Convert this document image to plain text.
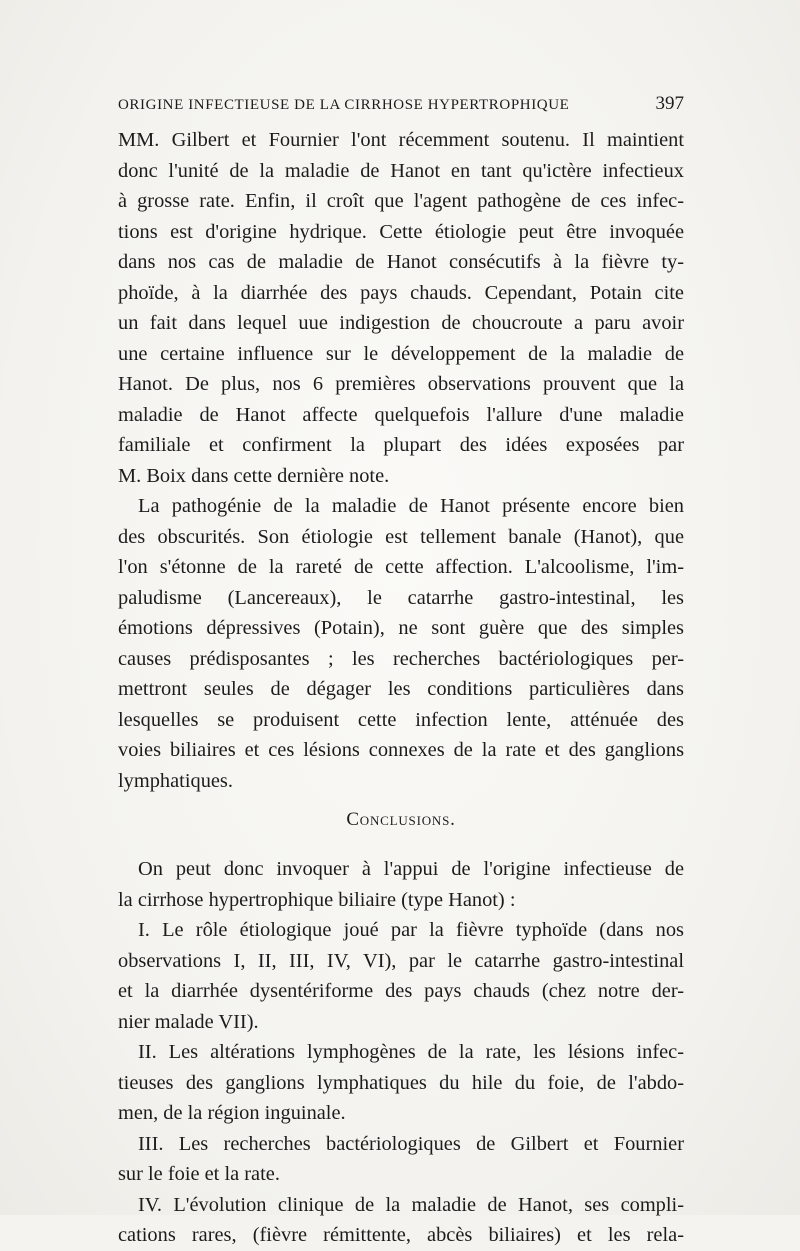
ORIGINE INFECTIEUSE DE LA CIRRHOSE HYPERTROPHIQUE	397
MM. Gilbert et Fournier l'ont récemment soutenu. Il maintient
donc l'unité de la maladie de Hanot en tant qu'ictère infectieux
à grosse rate. Enfin, il croît que l'agent pathogène de ces infec-
tions est d'origine hydrique. Cette étiologie peut être invoquée
dans nos cas de maladie de Hanot consécutifs à la fièvre ty-
phoïde, à la diarrhée des pays chauds. Cependant, Potain cite
un fait dans lequel uue indigestion de choucroute a paru avoir
une certaine influence sur le développement de la maladie de
Hanot. De plus, nos 6 premières observations prouvent que la
maladie de Hanot affecte quelquefois l'allure d'une maladie
familiale et confirment la plupart des idées exposées par
M. Boix dans cette dernière note.
La pathogénie de la maladie de Hanot présente encore bien
des obscurités. Son étiologie est tellement banale (Hanot), que
l'on s'étonne de la rareté de cette affection. L'alcoolisme, l'im-
paludisme (Lancereaux), le catarrhe gastro-intestinal, les
émotions dépressives (Potain), ne sont guère que des simples
causes prédisposantes ; les recherches bactériologiques per-
mettront seules de dégager les conditions particulières dans
lesquelles se produisent cette infection lente, atténuée des
voies biliaires et ces lésions connexes de la rate et des ganglions
lymphatiques.
Conclusions.
On peut donc invoquer à l'appui de l'origine infectieuse de
la cirrhose hypertrophique biliaire (type Hanot) :
I. Le rôle étiologique joué par la fièvre typhoïde (dans nos
observations I, II, III, IV, VI), par le catarrhe gastro-intestinal
et la diarrhée dysentériforme des pays chauds (chez notre der-
nier malade VII).
II. Les altérations lymphogènes de la rate, les lésions infec-
tieuses des ganglions lymphatiques du hile du foie, de l'abdo-
men, de la région inguinale.
III. Les recherches bactériologiques de Gilbert et Fournier
sur le foie et la rate.
IV. L'évolution clinique de la maladie de Hanot, ses compli-
cations rares, (fièvre rémittente, abcès biliaires) et les rela-
